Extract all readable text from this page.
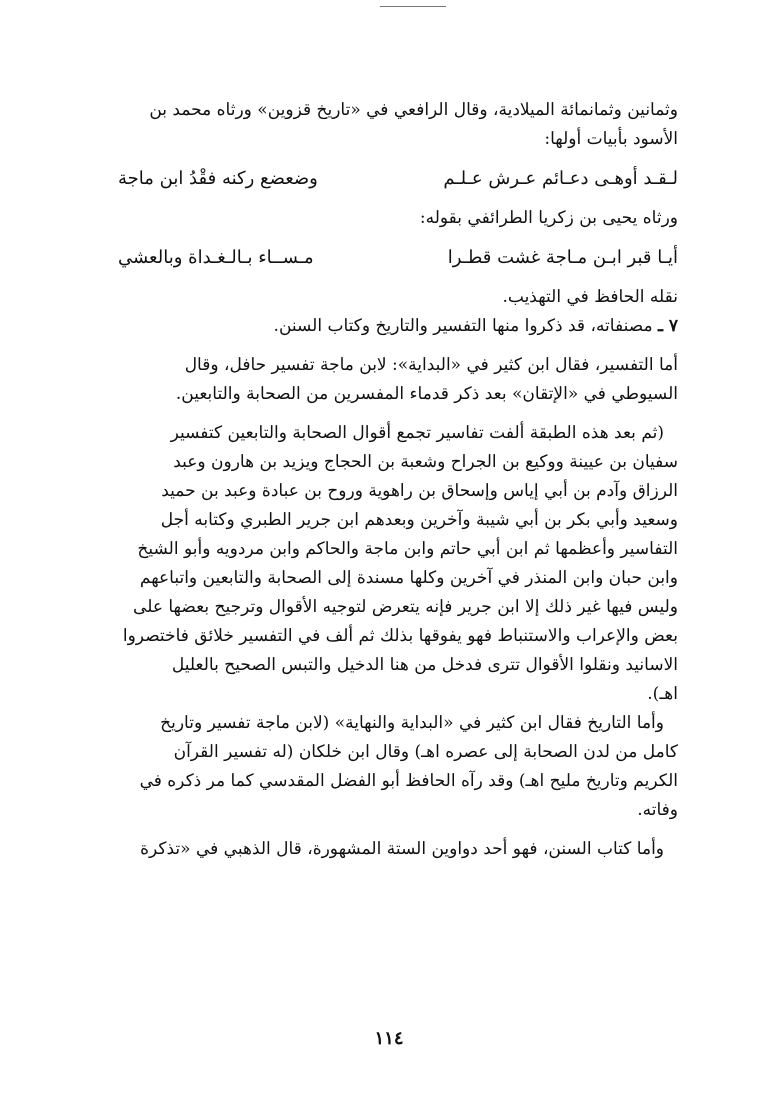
وثمانين وثمانمائة الميلادية، وقال الرافعي في «تاريخ قزوين» ورثاه محمد بن
الأسود بأبيات أولها:
لـقـد أوهـى دعـائم عـرش عـلـم
وضعضع ركنه فقْدُ ابن ماجة
ورثاه يحيى بن زكريا الطرائفي بقوله:
أيـا قبر ابـن مـاجة غشت قطـرا
مـســاء بـالـغـداة وبالعشي
نقله الحافظ في التهذيب.
٧ ـ مصنفاته، قد ذكروا منها التفسير والتاريخ وكتاب السنن.
أما التفسير، فقال ابن كثير في «البداية»: لابن ماجة تفسير حافل، وقال
السيوطي في «الإتقان» بعد ذكر قدماء المفسرين من الصحابة والتابعين.
(ثم بعد هذه الطبقة ألفت تفاسير تجمع أقوال الصحابة والتابعين كتفسير
سفيان بن عيينة ووكيع بن الجراح وشعبة بن الحجاج ويزيد بن هارون وعبد
الرزاق وآدم بن أبي إياس وإسحاق بن راهوية وروح بن عبادة وعبد بن حميد
وسعيد وأبي بكر بن أبي شيبة وآخرين وبعدهم ابن جرير الطبري وكتابه أجل
التفاسير وأعظمها ثم ابن أبي حاتم وابن ماجة والحاكم وابن مردويه وأبو الشيخ
وابن حبان وابن المنذر في آخرين وكلها مسندة إلى الصحابة والتابعين واتباعهم
وليس فيها غير ذلك إلا ابن جرير فإنه يتعرض لتوجيه الأقوال وترجيح بعضها على
بعض والإعراب والاستنباط فهو يفوقها بذلك ثم ألف في التفسير خلائق فاختصروا
الاسانيد ونقلوا الأقوال تترى فدخل من هنا الدخيل والتبس الصحيح بالعليل
اهـ).
وأما التاريخ فقال ابن كثير في «البداية والنهاية» (لابن ماجة تفسير وتاريخ
كامل من لدن الصحابة إلى عصره اهـ) وقال ابن خلكان (له تفسير القرآن
الكريم وتاريخ مليح اهـ) وقد رآه الحافظ أبو الفضل المقدسي كما مر ذكره في
وفاته.
وأما كتاب السنن، فهو أحد دواوين الستة المشهورة، قال الذهبي في «تذكرة
١١٤
